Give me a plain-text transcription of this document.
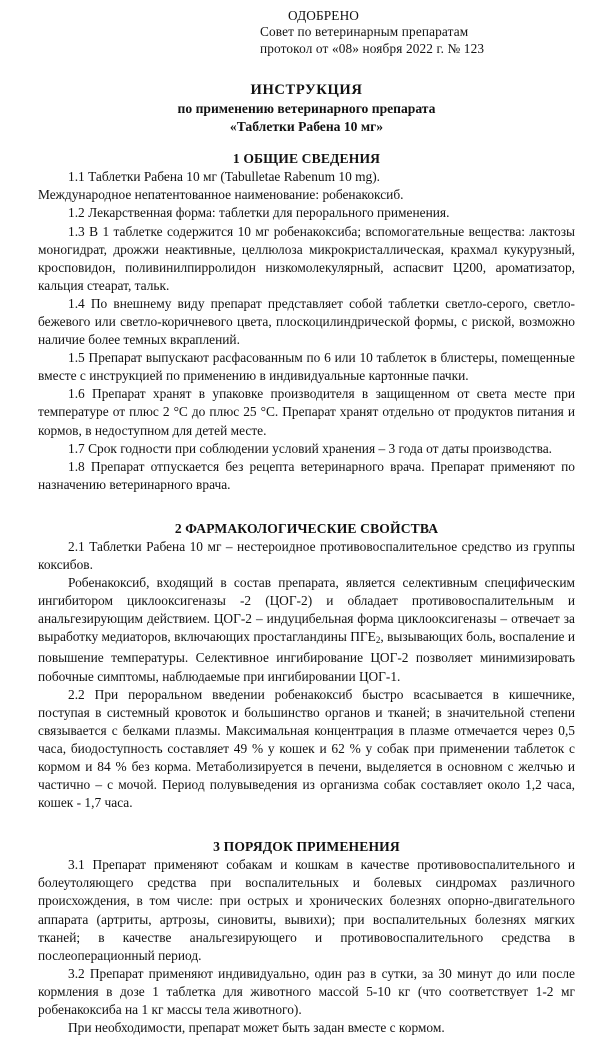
ОДОБРЕНО
Совет по ветеринарным препаратам
протокол от «08» ноября 2022 г. № 123
ИНСТРУКЦИЯ
по применению ветеринарного препарата
«Таблетки Рабена 10 мг»
1 ОБЩИЕ СВЕДЕНИЯ

1.1 Таблетки Рабена 10 мг (Tabulletae Rabenum 10 mg).

Международное непатентованное наименование: робенакоксиб.

1.2 Лекарственная форма: таблетки для перорального применения.

1.3 В 1 таблетке содержится 10 мг робенакоксиба; вспомогательные вещества: лактозы моногидрат, дрожжи неактивные, целлюлоза микрокристаллическая, крахмал кукурузный, кросповидон, поливинилпирролидон низкомолекулярный, аспасвит Ц200, ароматизатор, кальция стеарат, тальк.

1.4 По внешнему виду препарат представляет собой таблетки светло-серого, светло-бежевого или светло-коричневого цвета, плоскоцилиндрической формы, с риской, возможно наличие более темных вкраплений.

1.5 Препарат выпускают расфасованным по 6 или 10 таблеток в блистеры, помещенные вместе с инструкцией по применению в индивидуальные картонные пачки.

1.6 Препарат хранят в упаковке производителя в защищенном от света месте при температуре от плюс 2 °С до плюс 25 °С. Препарат хранят отдельно от продуктов питания и кормов, в недоступном для детей месте.

1.7 Срок годности при соблюдении условий хранения – 3 года от даты производства.

1.8 Препарат отпускается без рецепта ветеринарного врача. Препарат применяют по назначению ветеринарного врача.

2 ФАРМАКОЛОГИЧЕСКИЕ СВОЙСТВА

2.1 Таблетки Рабена 10 мг – нестероидное противовоспалительное средство из группы коксибов.

Робенакоксиб, входящий в состав препарата, является селективным специфическим ингибитором циклооксигеназы -2 (ЦОГ-2) и обладает противовоспалительным и анальгезирующим действием. ЦОГ-2 – индуцибельная форма циклооксигеназы – отвечает за выработку медиаторов, включающих простагландины $ПГЕ_2$, вызывающих боль, воспаление и повышение температуры. Селективное ингибирование ЦОГ-2 позволяет минимизировать побочные симптомы, наблюдаемые при ингибировании ЦОГ-1.

2.2 При пероральном введении робенакоксиб быстро всасывается в кишечнике, поступая в системный кровоток и большинство органов и тканей; в значительной степени связывается с белками плазмы. Максимальная концентрация в плазме отмечается через 0,5 часа, биодоступность составляет 49 % у кошек и 62 % у собак при применении таблеток с кормом и 84 % без корма. Метаболизируется в печени, выделяется в основном с желчью и частично – с мочой. Период полувыведения из организма собак составляет около 1,2 часа, кошек - 1,7 часа.

3 ПОРЯДОК ПРИМЕНЕНИЯ

3.1 Препарат применяют собакам и кошкам в качестве противовоспалительного и болеутоляющего средства при воспалительных и болевых синдромах различного происхождения, в том числе: при острых и хронических болезнях опорно-двигательного аппарата (артриты, артрозы, синовиты, вывихи); при воспалительных болезнях мягких тканей; в качестве анальгезирующего и противовоспалительного средства в послеоперационный период.

3.2 Препарат применяют индивидуально, один раз в сутки, за 30 минут до или после кормления в дозе 1 таблетка для животного массой 5-10 кг (что соответствует 1-2 мг робенакоксиба на 1 кг массы тела животного).

При необходимости, препарат может быть задан вместе с кормом.
